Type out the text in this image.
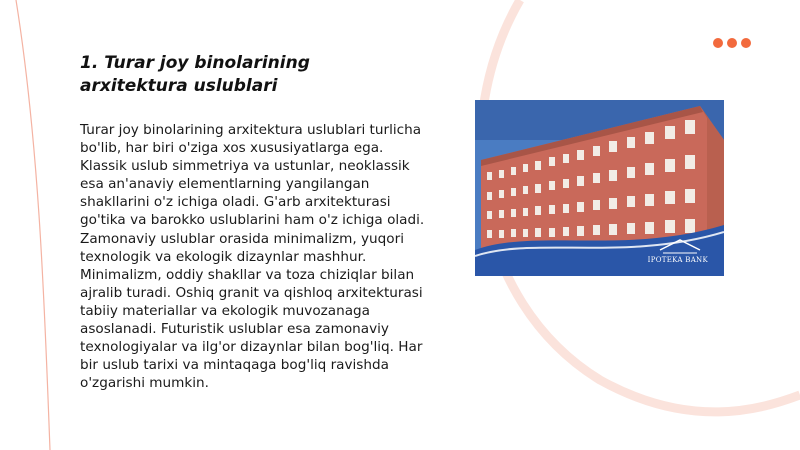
1. Turar joy binolarining arxitektura uslublari

Turar joy binolarining arxitektura uslublari turlicha bo'lib, har biri o'ziga xos xususiyatlarga ega. Klassik uslub simmetriya va ustunlar, neoklassik esa an'anaviy elementlarning yangilangan shakllarini o'z ichiga oladi. G'arb arxitekturasi go'tika va barokko uslublarini ham o'z ichiga oladi. Zamonaviy uslublar orasida minimalizm, yuqori texnologik va ekologik dizaynlar mashhur. Minimalizm, oddiy shakllar va toza chiziqlar bilan ajralib turadi. Oshiq granit va qishloq arxitekturasi tabiiy materiallar va ekologik muvozanaga asoslanadi. Futuristik uslublar esa zamonaviy texnologiyalar va ilg'or dizaynlar bilan bog'liq. Har bir uslub tarixi va mintaqaga bog'liq ravishda o'zgarishi mumkin.

IPOTEKA BANK
